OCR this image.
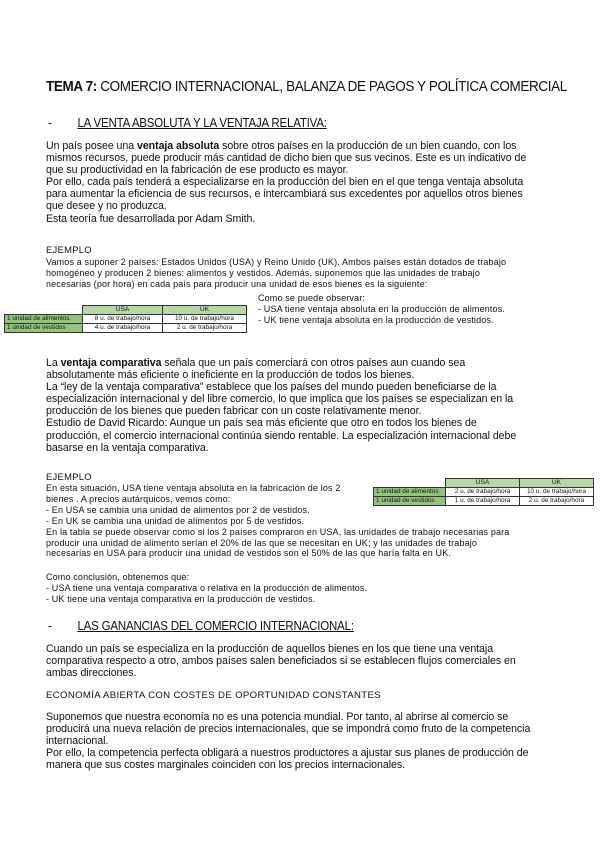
TEMA 7: COMERCIO INTERNACIONAL, BALANZA DE PAGOS Y POLÍTICA COMERCIAL
- LA VENTA ABSOLUTA Y LA VENTAJA RELATIVA:
Un país posee una ventaja absoluta sobre otros países en la producción de un bien cuando, con los
mismos recursos, puede producir más cantidad de dicho bien que sus vecinos. Este es un indicativo de
que su productividad en la fabricación de ese producto es mayor.
Por ello, cada país tenderá a especializarse en la producción del bien en el que tenga ventaja absoluta
para aumentar la eficiencia de sus recursos, e intercambiará sus excedentes por aquellos otros bienes
que desee y no produzca.
Esta teoría fue desarrollada por Adam Smith.
EJEMPLO
Vamos a suponer 2 países: Estados Unidos (USA) y Reino Unido (UK). Ambos países están dotados de trabajo
homogéneo y producen 2 bienes: alimentos y vestidos. Además, suponemos que las unidades de trabajo
necesarias (por hora) en cada país para producir una unidad de esos bienes es la siguiente:
Como se puede observar:
- USA tiene ventaja absoluta en la producción de alimentos.
- UK tiene ventaja absoluta en la producción de vestidos.
	USA	UK
1 unidad de alimentos	8 u. de trabajo/hora	10 u. de trabajo/hora
1 unidad de vestidos	4 u. de trabajo/hora	2 u. de trabajo/hora
La ventaja comparativa señala que un país comerciará con otros países aun cuando sea
absolutamente más eficiente o ineficiente en la producción de todos los bienes.
La “ley de la ventaja comparativa” establece que los países del mundo pueden beneficiarse de la
especialización internacional y del libre comercio, lo que implica que los países se especializan en la
producción de los bienes que pueden fabricar con un coste relativamente menor.
Estudio de David Ricardo: Aunque un país sea más eficiente que otro en todos los bienes de
producción, el comercio internacional continúa siendo rentable. La especialización internacional debe
basarse en la ventaja comparativa.
EJEMPLO
En esta situación, USA tiene ventaja absoluta en la fabricación de los 2
bienes . A precios autárquicos, vemos como:
- En USA se cambia una unidad de alimentos por 2 de vestidos.
- En UK se cambia una unidad de alimentos por 5 de vestidos.
En la tabla se puede observar como si los 2 países compraron en USA, las unidades de trabajo necesarias para
producir una unidad de alimento serían el 20% de las que se necesitan en UK; y las unidades de trabajo
necesarias en USA para producir una unidad de vestidos son el 50% de las que haría falta en UK.
Como conclusión, obtenemos que:
- USA tiene una ventaja comparativa o relativa en la producción de alimentos.
- UK tiene una ventaja comparativa en la producción de vestidos.
	USA	UK
1 unidad de alimentos	2 u. de trabajo/hora	10 u. de trabajo/hora
1 unidad de vestidos	1 u. de trabajo/hora	2 u. de trabajo/hora
- LAS GANANCIAS DEL COMERCIO INTERNACIONAL:
Cuando un país se especializa en la producción de aquellos bienes en los que tiene una ventaja
comparativa respecto a otro, ambos países salen beneficiados si se establecen flujos comerciales en
ambas direcciones.
ECONOMÍA ABIERTA CON COSTES DE OPORTUNIDAD CONSTANTES
Suponemos que nuestra economía no es una potencia mundial. Por tanto, al abrirse al comercio se
producirá una nueva relación de precios internacionales, que se impondrá como fruto de la competencia
internacional.
Por ello, la competencia perfecta obligará a nuestros productores a ajustar sus planes de producción de
manera que sus costes marginales coinciden con los precios internacionales.
